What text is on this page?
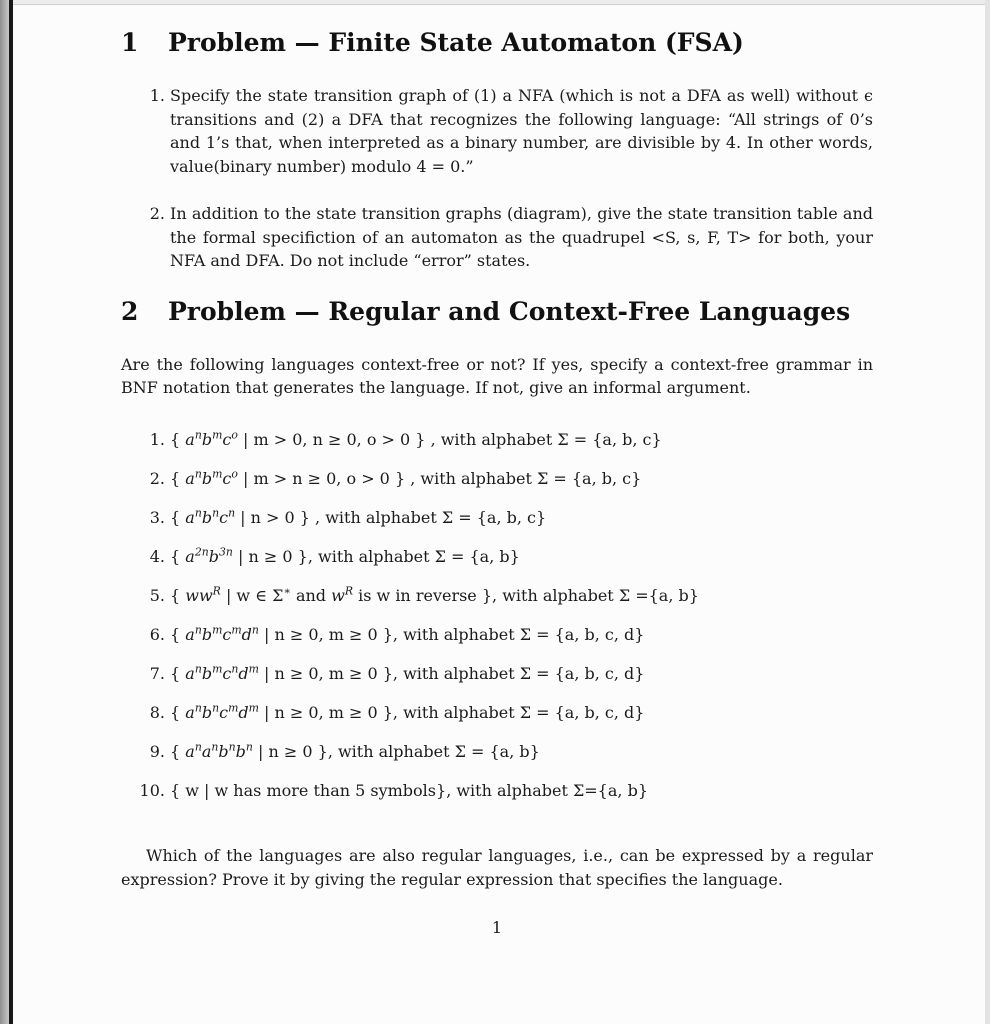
1	Problem — Finite State Automaton (FSA)
1. Specify the state transition graph of (1) a NFA (which is not a DFA as well) without ϵ transitions and (2) a DFA that recognizes the following language: “All strings of 0’s and 1’s that, when interpreted as a binary number, are divisible by 4. In other words, value(binary number) modulo 4 = 0.”

2. In addition to the state transition graphs (diagram), give the state transition table and the formal specifiction of an automaton as the quadrupel <S, s, F, T> for both, your NFA and DFA. Do not include “error” states.

2	Problem — Regular and Context-Free Languages

Are the following languages context-free or not? If yes, specify a context-free grammar in BNF notation that generates the language. If not, give an informal argument.

1. { $a^nb^mc^o$ | m > 0, n ≥ 0, o > 0 } , with alphabet Σ = {a, b, c}
2. { $a^nb^mc^o$ | m > n ≥ 0, o > 0 } , with alphabet Σ = {a, b, c}
3. { $a^nb^nc^n$ | n > 0 } , with alphabet Σ = {a, b, c}
4. { $a^{2n}b^{3n}$ | n ≥ 0 }, with alphabet Σ = {a, b}
5. { $ww^R$ | w ∈ Σ∗ and $w^R$ is w in reverse }, with alphabet Σ ={a, b}
6. { $a^nb^mc^md^n$ | n ≥ 0, m ≥ 0 }, with alphabet Σ = {a, b, c, d}
7. { $a^nb^mc^nd^m$ | n ≥ 0, m ≥ 0 }, with alphabet Σ = {a, b, c, d}
8. { $a^nb^nc^md^m$ | n ≥ 0, m ≥ 0 }, with alphabet Σ = {a, b, c, d}
9. { $a^na^nb^nb^n$ | n ≥ 0 }, with alphabet Σ = {a, b}
10. { w | w has more than 5 symbols}, with alphabet Σ={a, b}

Which of the languages are also regular languages, i.e., can be expressed by a regular expression? Prove it by giving the regular expression that specifies the language.

1
